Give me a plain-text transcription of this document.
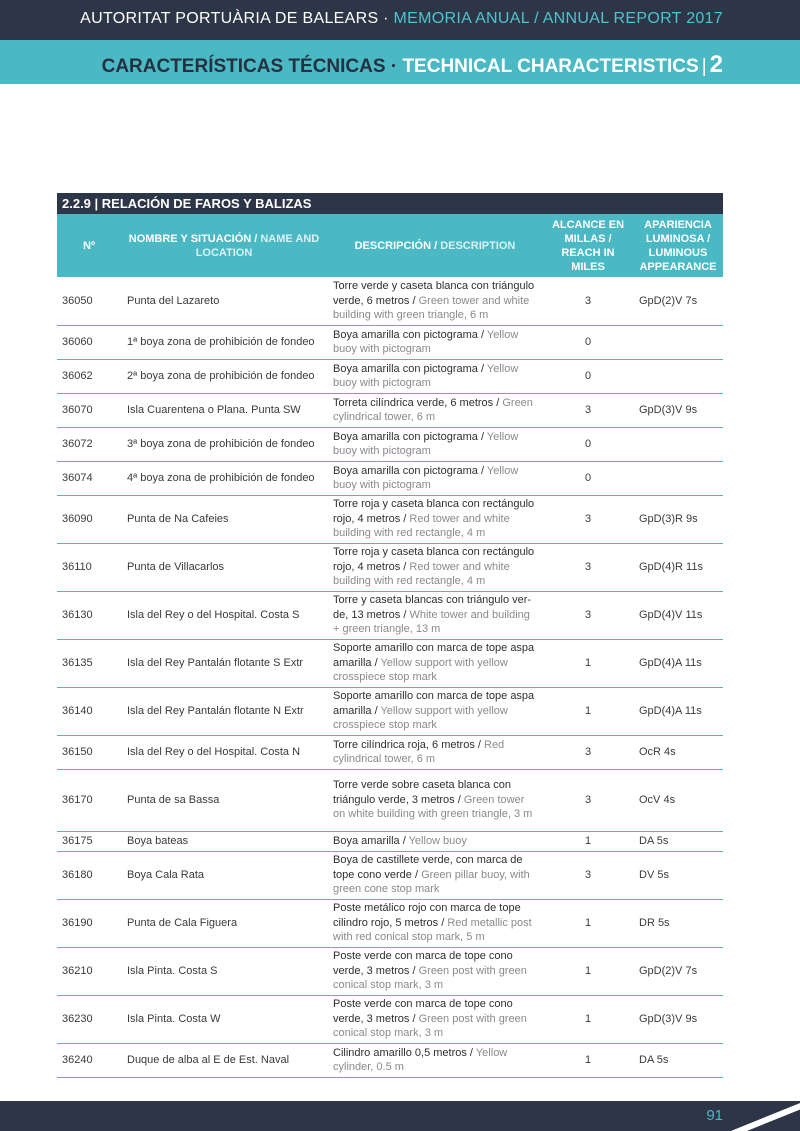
AUTORITAT PORTUÀRIA DE BALEARS · MEMORIA ANUAL / ANNUAL REPORT 2017
CARACTERÍSTICAS TÉCNICAS · TECHNICAL CHARACTERISTICS | 2
2.2.9 | RELACIÓN DE FAROS Y BALIZAS
Nº	NOMBRE Y SITUACIÓN / NAME AND LOCATION	DESCRIPCIÓN / DESCRIPTION	ALCANCE EN MILLAS / REACH IN MILES	APARIENCIA LUMINOSA / LUMINOUS APPEARANCE
36050	Punta del Lazareto	Torre verde y caseta blanca con triángulo verde, 6 metros / Green tower and white building with green triangle, 6 m	3	GpD(2)V 7s
36060	1ª boya zona de prohibición de fondeo	Boya amarilla con pictograma / Yellow buoy with pictogram	0	
36062	2ª boya zona de prohibición de fondeo	Boya amarilla con pictograma / Yellow buoy with pictogram	0	
36070	Isla Cuarentena o Plana. Punta SW	Torreta cilíndrica verde, 6 metros / Green cylindrical tower, 6 m	3	GpD(3)V 9s
36072	3ª boya zona de prohibición de fondeo	Boya amarilla con pictograma / Yellow buoy with pictogram	0	
36074	4ª boya zona de prohibición de fondeo	Boya amarilla con pictograma / Yellow buoy with pictogram	0	
36090	Punta de Na Cafeies	Torre roja y caseta blanca con rectángulo rojo, 4 metros / Red tower and white building with red rectangle, 4 m	3	GpD(3)R 9s
36110	Punta de Villacarlos	Torre roja y caseta blanca con rectángulo rojo, 4 metros / Red tower and white building with red rectangle, 4 m	3	GpD(4)R 11s
36130	Isla del Rey o del Hospital. Costa S	Torre y caseta blancas con triángulo ver-de, 13 metros / White tower and building + green triangle, 13 m	3	GpD(4)V 11s
36135	Isla del Rey Pantalán flotante S Extr	Soporte amarillo con marca de tope aspa amarilla / Yellow support with yellow crosspiece stop mark	1	GpD(4)A 11s
36140	Isla del Rey Pantalán flotante N Extr	Soporte amarillo con marca de tope aspa amarilla / Yellow support with yellow crosspiece stop mark	1	GpD(4)A 11s
36150	Isla del Rey o del Hospital. Costa N	Torre cilíndrica roja, 6 metros / Red cylindrical tower, 6 m	3	OcR 4s
36170	Punta de sa Bassa	Torre verde sobre caseta blanca con triángulo verde, 3 metros / Green tower on white building with green triangle, 3 m	3	OcV 4s
36175	Boya bateas	Boya amarilla / Yellow buoy	1	DA 5s
36180	Boya Cala Rata	Boya de castillete verde, con marca de tope cono verde / Green pillar buoy, with green cone stop mark	3	DV 5s
36190	Punta de Cala Figuera	Poste metálico rojo con marca de tope cilindro rojo, 5 metros / Red metallic post with red conical stop mark, 5 m	1	DR 5s
36210	Isla Pinta. Costa S	Poste verde con marca de tope cono verde, 3 metros / Green post with green conical stop mark, 3 m	1	GpD(2)V 7s
36230	Isla Pinta. Costa W	Poste verde con marca de tope cono verde, 3 metros / Green post with green conical stop mark, 3 m	1	GpD(3)V 9s
36240	Duque de alba al E de Est. Naval	Cilindro amarillo 0,5 metros / Yellow cylinder, 0.5 m	1	DA 5s
91
